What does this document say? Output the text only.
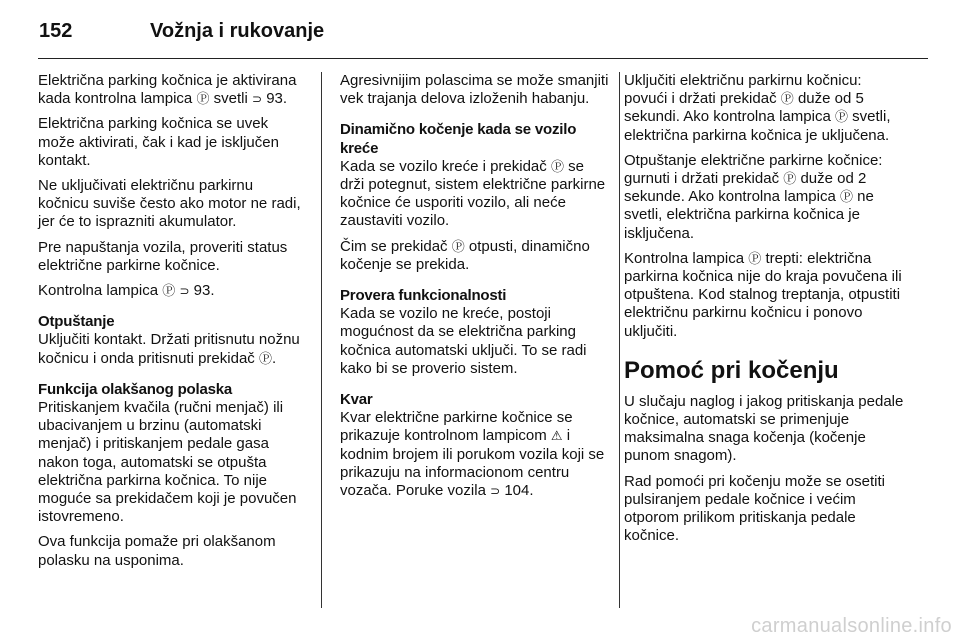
152	Vožnja i rukovanje

Električna parking kočnica je aktivirana kada kontrolna lampica Ⓟ svetli ⊃ 93.

Električna parking kočnica se uvek može aktivirati, čak i kad je isključen kontakt.

Ne uključivati električnu parkirnu kočnicu suviše često ako motor ne radi, jer će to isprazniti akumulator.

Pre napuštanja vozila, proveriti status električne parkirne kočnice.

Kontrolna lampica Ⓟ ⊃ 93.

Otpuštanje

Uključiti kontakt. Držati pritisnutu nožnu kočnicu i onda pritisnuti prekidač Ⓟ.

Funkcija olakšanog polaska

Pritiskanjem kvačila (ručni menjač) ili ubacivanjem u brzinu (automatski menjač) i pritiskanjem pedale gasa nakon toga, automatski se otpušta električna parkirna kočnica. To nije moguće sa prekidačem koji je povučen istovremeno.

Ova funkcija pomaže pri olakšanom polasku na usponima.

Agresivnijim polascima se može smanjiti vek trajanja delova izloženih habanju.

Dinamično kočenje kada se vozilo kreće

Kada se vozilo kreće i prekidač Ⓟ se drži potegnut, sistem električne parkirne kočnice će usporiti vozilo, ali neće zaustaviti vozilo.

Čim se prekidač Ⓟ otpusti, dinamično kočenje se prekida.

Provera funkcionalnosti

Kada se vozilo ne kreće, postoji mogućnost da se električna parking kočnica automatski uključi. To se radi kako bi se proverio sistem.

Kvar

Kvar električne parkirne kočnice se prikazuje kontrolnom lampicom ⚠ i kodnim brojem ili porukom vozila koji se prikazuju na informacionom centru vozača. Poruke vozila ⊃ 104.

Uključiti električnu parkirnu kočnicu: povući i držati prekidač Ⓟ duže od 5 sekundi. Ako kontrolna lampica Ⓟ svetli, električna parkirna kočnica je uključena.

Otpuštanje električne parkirne kočnice: gurnuti i držati prekidač Ⓟ duže od 2 sekunde. Ako kontrolna lampica Ⓟ ne svetli, električna parkirna kočnica je isključena.

Kontrolna lampica Ⓟ trepti: električna parkirna kočnica nije do kraja povučena ili otpuštena. Kod stalnog treptanja, otpustiti električnu parkirnu kočnicu i ponovo uključiti.

Pomoć pri kočenju

U slučaju naglog i jakog pritiskanja pedale kočnice, automatski se primenjuje maksimalna snaga kočenja (kočenje punom snagom).

Rad pomoći pri kočenju može se osetiti pulsiranjem pedale kočnice i većim otporom prilikom pritiskanja pedale kočnice.

carmanualsonline.info
